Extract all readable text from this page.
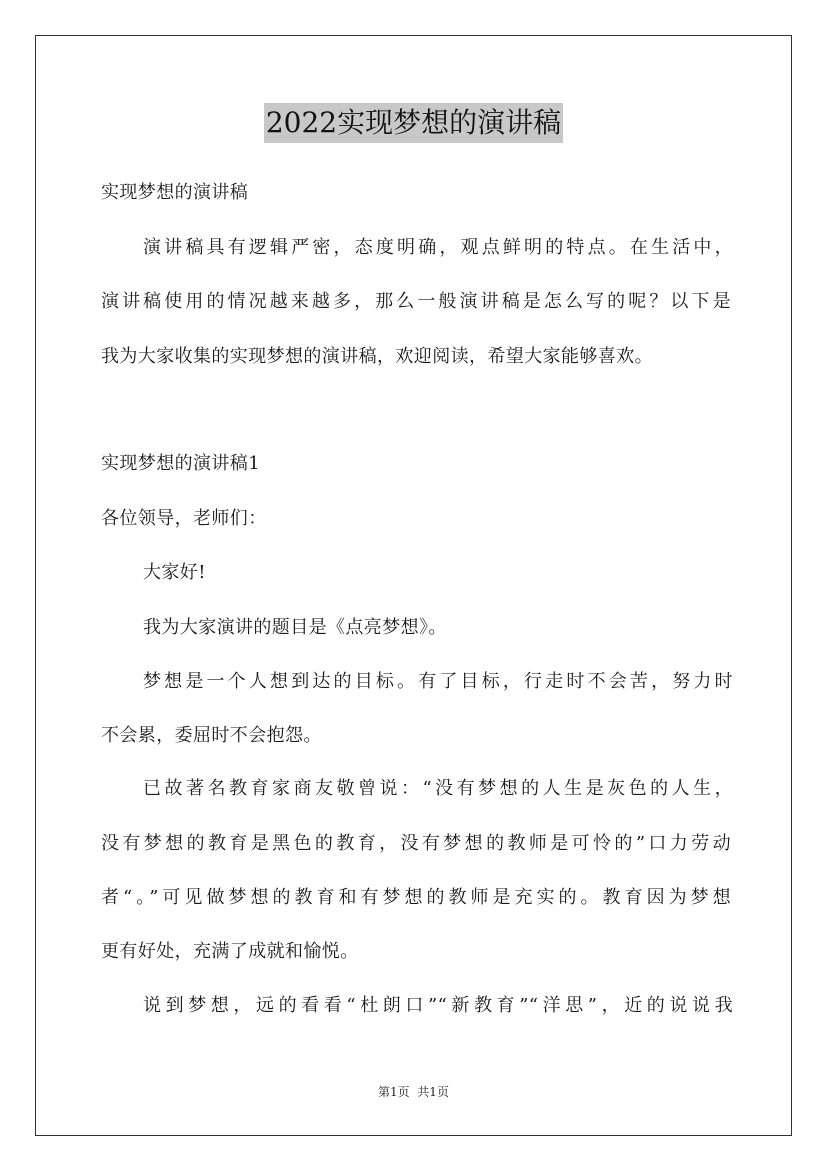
2022实现梦想的演讲稿
实现梦想的演讲稿
演讲稿具有逻辑严密，态度明确，观点鲜明的特点。在生活中，
演讲稿使用的情况越来越多，那么一般演讲稿是怎么写的呢？以下是
我为大家收集的实现梦想的演讲稿，欢迎阅读，希望大家能够喜欢。
实现梦想的演讲稿1
各位领导，老师们：
大家好!
我为大家演讲的题目是《点亮梦想》。
梦想是一个人想到达的目标。有了目标，行走时不会苦，努力时
不会累，委屈时不会抱怨。
已故著名教育家商友敬曾说：“没有梦想的人生是灰色的人生，
没有梦想的教育是黑色的教育，没有梦想的教师是可怜的”口力劳动
者“。”可见做梦想的教育和有梦想的教师是充实的。教育因为梦想
更有好处，充满了成就和愉悦。
说到梦想，远的看看“杜朗口”“新教育”“洋思”，近的说说我
第1页  共1页
